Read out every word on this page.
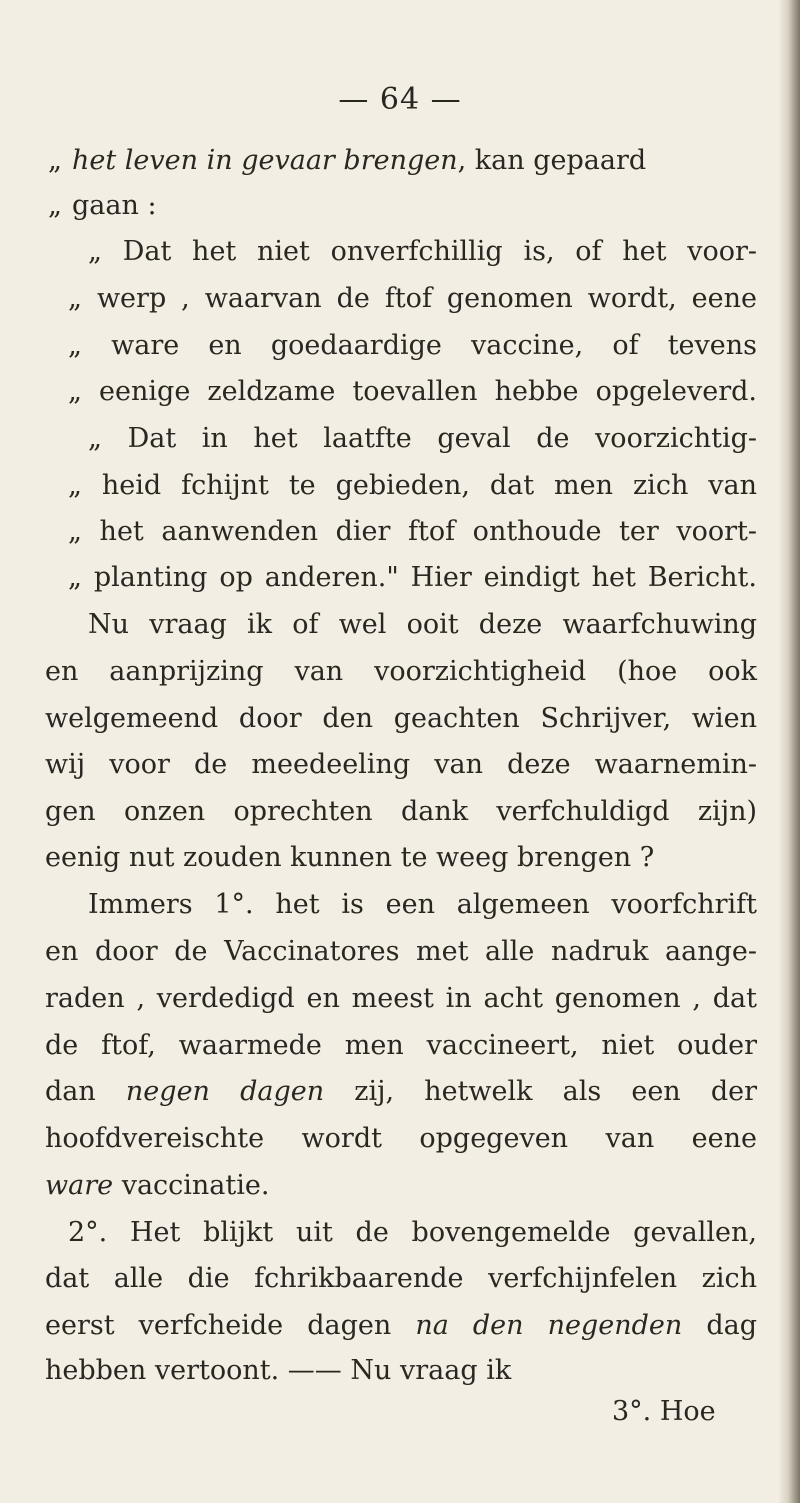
— 64 —
„ het leven in gevaar brengen, kan gepaard
„ gaan :
„ Dat het niet onverfchillig is, of het voor-
„ werp , waarvan de ftof genomen wordt, eene
„ ware en goedaardige vaccine, of tevens
„ eenige zeldzame toevallen hebbe opgeleverd.
„ Dat in het laatfte geval de voorzichtig-
„ heid fchijnt te gebieden, dat men zich van
„ het aanwenden dier ftof onthoude ter voort-
„ planting op anderen." Hier eindigt het Bericht.
Nu vraag ik of wel ooit deze waarfchuwing
en aanprijzing van voorzichtigheid (hoe ook
welgemeend door den geachten Schrijver, wien
wij voor de meedeeling van deze waarnemin-
gen onzen oprechten dank verfchuldigd zijn)
eenig nut zouden kunnen te weeg brengen ?
Immers 1°. het is een algemeen voorfchrift
en door de Vaccinatores met alle nadruk aange-
raden , verdedigd en meest in acht genomen , dat
de ftof, waarmede men vaccineert, niet ouder
dan negen dagen zij, hetwelk als een der
hoofdvereischte wordt opgegeven van eene
ware vaccinatie.
2°. Het blijkt uit de bovengemelde gevallen,
dat alle die fchrikbaarende verfchijnfelen zich
eerst verfcheide dagen na den negenden dag
hebben vertoont. —— Nu vraag ik
3°. Hoe
